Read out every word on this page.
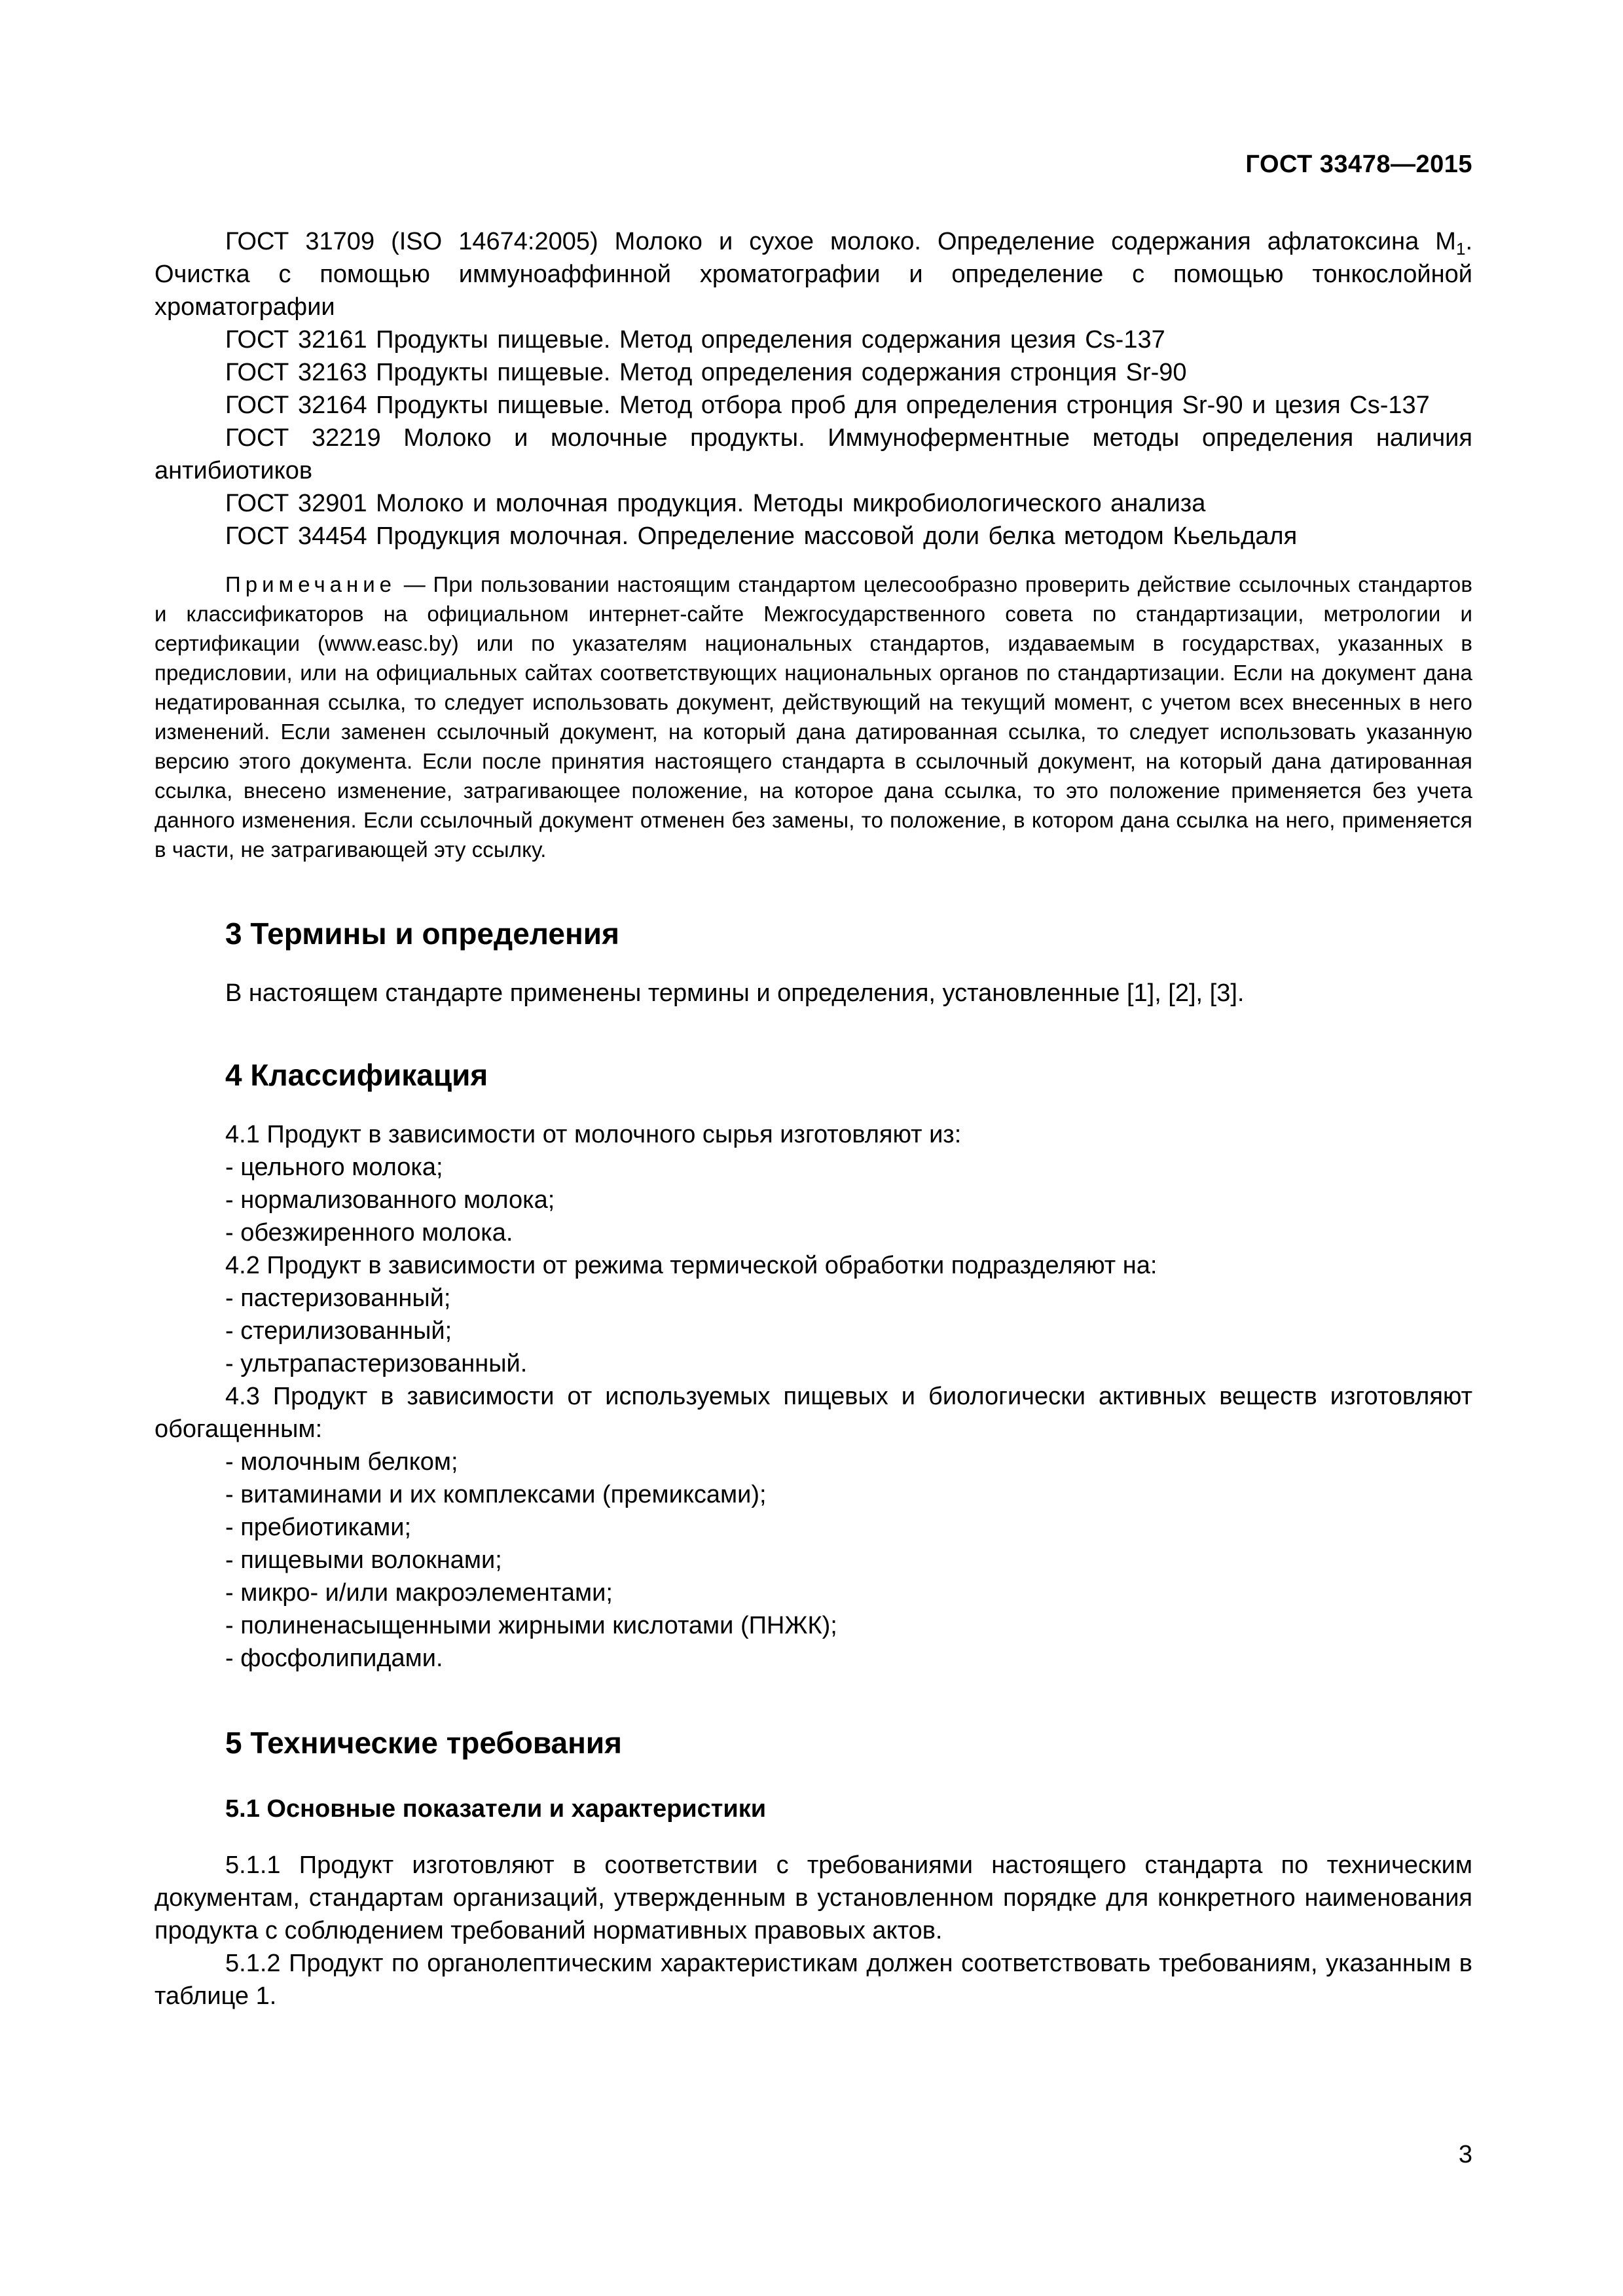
ГОСТ 33478—2015

ГОСТ 31709 (ISO 14674:2005) Молоко и сухое молоко. Определение содержания афлатоксина $М_1$. Очистка с помощью иммуноаффинной хроматографии и определение с помощью тонкослойной хроматографии

ГОСТ 32161 Продукты пищевые. Метод определения содержания цезия Cs-137

ГОСТ 32163 Продукты пищевые. Метод определения содержания стронция Sr-90

ГОСТ 32164 Продукты пищевые. Метод отбора проб для определения стронция Sr-90 и цезия Cs-137

ГОСТ 32219 Молоко и молочные продукты. Иммуноферментные методы определения наличия антибиотиков

ГОСТ 32901 Молоко и молочная продукция. Методы микробиологического анализа

ГОСТ 34454 Продукция молочная. Определение массовой доли белка методом Кьельдаля

Примечание — При пользовании настоящим стандартом целесообразно проверить действие ссылочных стандартов и классификаторов на официальном интернет-сайте Межгосударственного совета по стандартизации, метрологии и сертификации (www.easc.by) или по указателям национальных стандартов, издаваемым в государствах, указанных в предисловии, или на официальных сайтах соответствующих национальных органов по стандартизации. Если на документ дана недатированная ссылка, то следует использовать документ, действующий на текущий момент, с учетом всех внесенных в него изменений. Если заменен ссылочный документ, на который дана датированная ссылка, то следует использовать указанную версию этого документа. Если после принятия настоящего стандарта в ссылочный документ, на который дана датированная ссылка, внесено изменение, затрагивающее положение, на которое дана ссылка, то это положение применяется без учета данного изменения. Если ссылочный документ отменен без замены, то положение, в котором дана ссылка на него, применяется в части, не затрагивающей эту ссылку.

3 Термины и определения

В настоящем стандарте применены термины и определения, установленные [1], [2], [3].

4 Классификация

4.1 Продукт в зависимости от молочного сырья изготовляют из:

- цельного молока;
- нормализованного молока;
- обезжиренного молока.

4.2 Продукт в зависимости от режима термической обработки подразделяют на:

- пастеризованный;
- стерилизованный;
- ультрапастеризованный.

4.3 Продукт в зависимости от используемых пищевых и биологически активных веществ изготовляют обогащенным:

- молочным белком;
- витаминами и их комплексами (премиксами);
- пребиотиками;
- пищевыми волокнами;
- микро- и/или макроэлементами;
- полиненасыщенными жирными кислотами (ПНЖК);
- фосфолипидами.
5 Технические требования
5.1 Основные показатели и характеристики

5.1.1 Продукт изготовляют в соответствии с требованиями настоящего стандарта по техническим документам, стандартам организаций, утвержденным в установленном порядке для конкретного наименования продукта с соблюдением требований нормативных правовых актов.

5.1.2 Продукт по органолептическим характеристикам должен соответствовать требованиям, указанным в таблице 1.

3
